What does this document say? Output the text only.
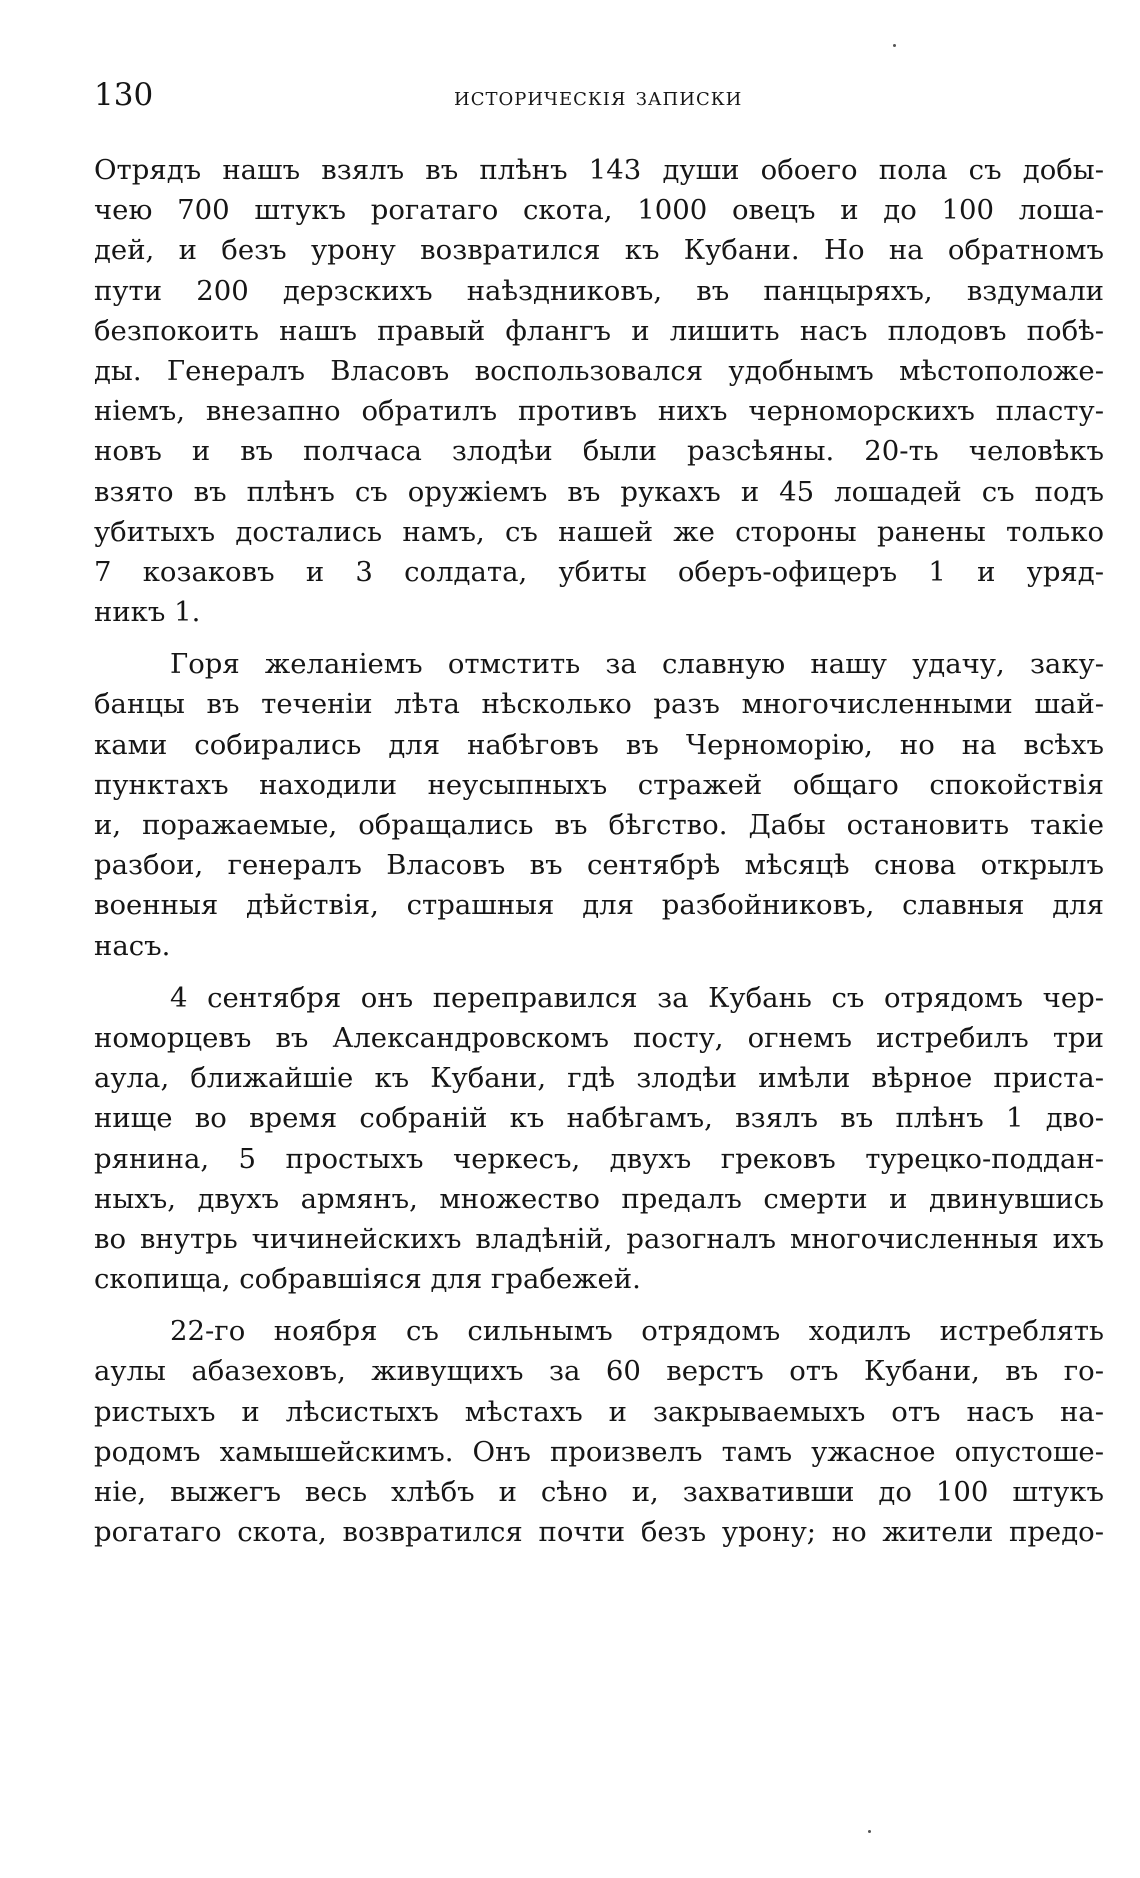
130	историческія записки
Отрядъ нашъ взялъ въ плѣнъ 143 души обоего пола съ добы-
чею 700 штукъ рогатаго скота, 1000 овецъ и до 100 лоша-
дей, и безъ урону возвратился къ Кубани. Но на обратномъ
пути 200 дерзскихъ наѣздниковъ, въ панцыряхъ, вздумали
безпокоить нашъ правый флангъ и лишить насъ плодовъ побѣ-
ды. Генералъ Власовъ воспользовался удобнымъ мѣстоположе-
ніемъ, внезапно обратилъ противъ нихъ черноморскихъ пласту-
новъ и въ полчаса злодѣи были разсѣяны. 20-ть человѣкъ
взято въ плѣнъ съ оружіемъ въ рукахъ и 45 лошадей съ подъ
убитыхъ достались намъ, съ нашей же стороны ранены только
7 козаковъ и 3 солдата, убиты оберъ-офицеръ 1 и уряд-
никъ 1.
Горя желаніемъ отмстить за славную нашу удачу, заку-
банцы въ теченіи лѣта нѣсколько разъ многочисленными шай-
ками собирались для набѣговъ въ Черноморію, но на всѣхъ
пунктахъ находили неусыпныхъ стражей общаго спокойствія
и, поражаемые, обращались въ бѣгство. Дабы остановить такіе
разбои, генералъ Власовъ въ сентябрѣ мѣсяцѣ снова открылъ
военныя дѣйствія, страшныя для разбойниковъ, славныя для
насъ.
4 сентября онъ переправился за Кубань съ отрядомъ чер-
номорцевъ въ Александровскомъ посту, огнемъ истребилъ три
аула, ближайшіе къ Кубани, гдѣ злодѣи имѣли вѣрное приста-
нище во время собраній къ набѣгамъ, взялъ въ плѣнъ 1 дво-
рянина, 5 простыхъ черкесъ, двухъ грековъ турецко-поддан-
ныхъ, двухъ армянъ, множество предалъ смерти и двинувшись
во внутрь чичинейскихъ владѣній, разогналъ многочисленныя ихъ
скопища, собравшіяся для грабежей.
22-го ноября съ сильнымъ отрядомъ ходилъ истреблять
аулы абазеховъ, живущихъ за 60 верстъ отъ Кубани, въ го-
ристыхъ и лѣсистыхъ мѣстахъ и закрываемыхъ отъ насъ на-
родомъ хамышейскимъ. Онъ произвелъ тамъ ужасное опустоше-
ніе, выжегъ весь хлѣбъ и сѣно и, захвативши до 100 штукъ
рогатаго скота, возвратился почти безъ урону; но жители предо-
